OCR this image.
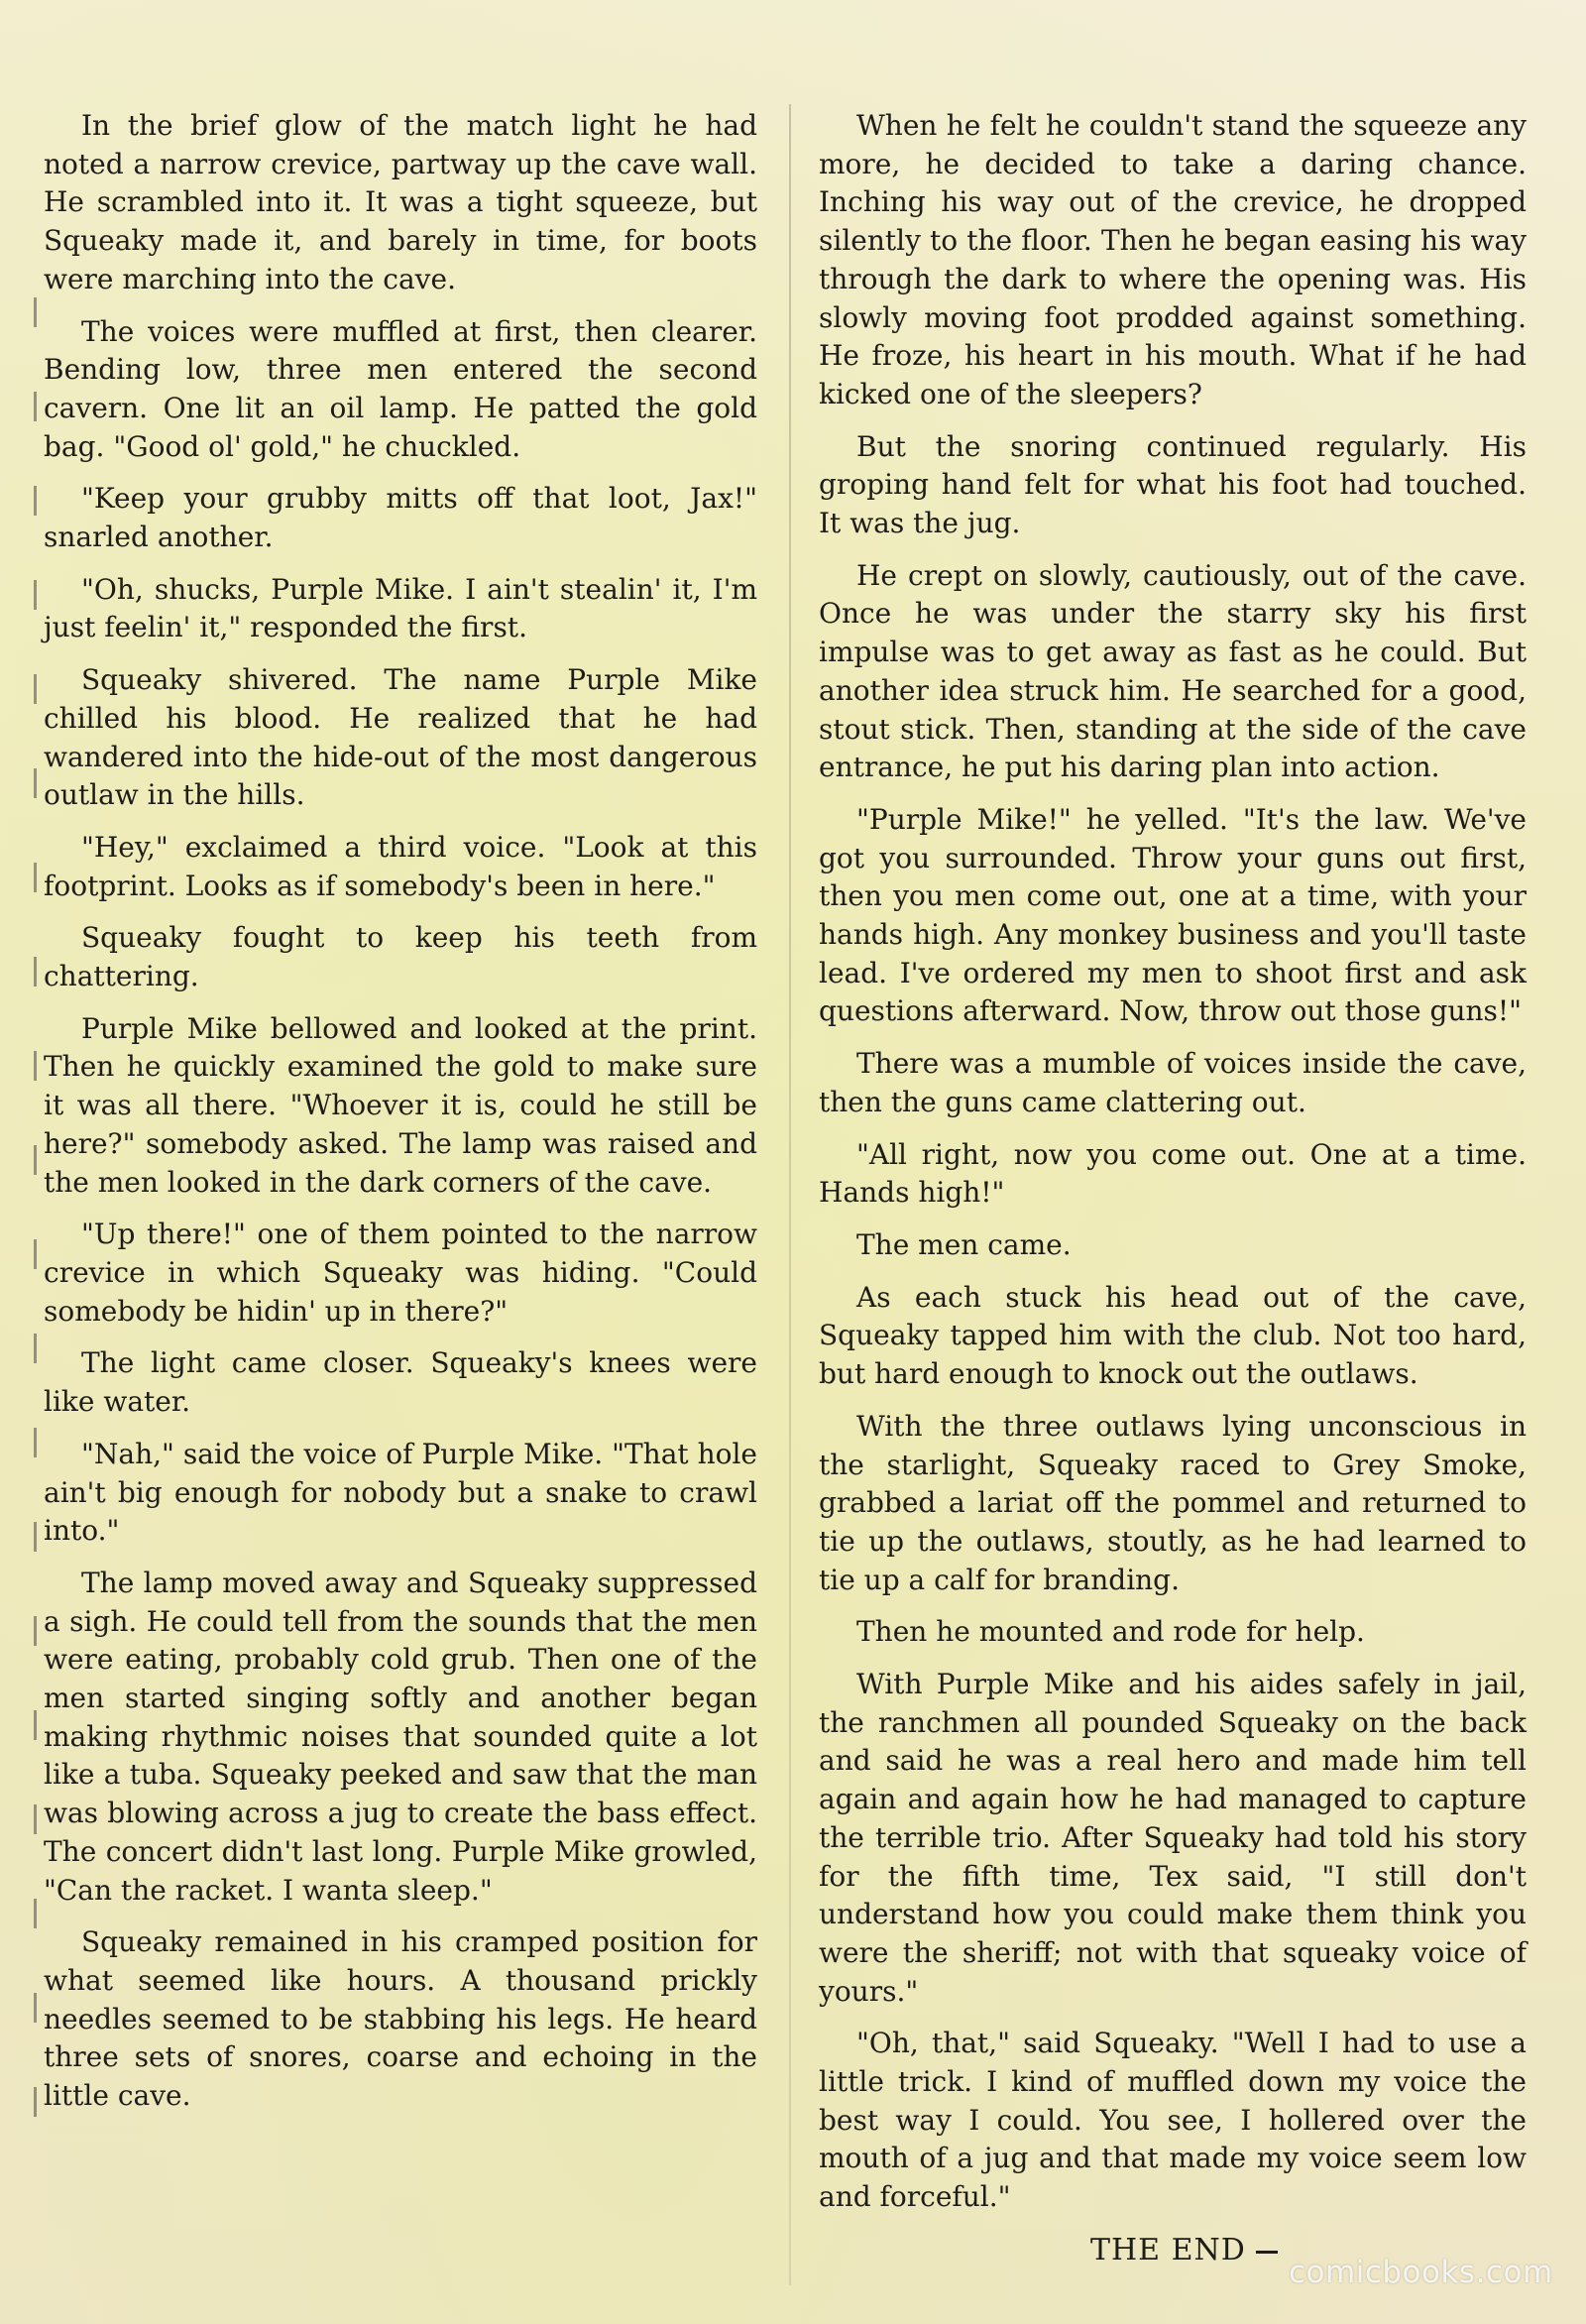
In the brief glow of the match light he had noted a narrow crevice, partway up the cave wall. He scrambled into it. It was a tight squeeze, but Squeaky made it, and barely in time, for boots were marching into the cave.

The voices were muffled at first, then clearer. Bending low, three men entered the second cavern. One lit an oil lamp. He patted the gold bag. "Good ol' gold," he chuckled.

"Keep your grubby mitts off that loot, Jax!" snarled another.

"Oh, shucks, Purple Mike. I ain't stealin' it, I'm just feelin' it," responded the first.

Squeaky shivered. The name Purple Mike chilled his blood. He realized that he had wandered into the hide-out of the most dangerous outlaw in the hills.

"Hey," exclaimed a third voice. "Look at this footprint. Looks as if somebody's been in here."

Squeaky fought to keep his teeth from chattering.

Purple Mike bellowed and looked at the print. Then he quickly examined the gold to make sure it was all there. "Whoever it is, could he still be here?" somebody asked. The lamp was raised and the men looked in the dark corners of the cave.

"Up there!" one of them pointed to the narrow crevice in which Squeaky was hiding. "Could somebody be hidin' up in there?"

The light came closer. Squeaky's knees were like water.

"Nah," said the voice of Purple Mike. "That hole ain't big enough for nobody but a snake to crawl into."

The lamp moved away and Squeaky suppressed a sigh. He could tell from the sounds that the men were eating, probably cold grub. Then one of the men started singing softly and another began making rhythmic noises that sounded quite a lot like a tuba. Squeaky peeked and saw that the man was blowing across a jug to create the bass effect. The concert didn't last long. Purple Mike growled, "Can the racket. I wanta sleep."

Squeaky remained in his cramped position for what seemed like hours. A thousand prickly needles seemed to be stabbing his legs. He heard three sets of snores, coarse and echoing in the little cave.

When he felt he couldn't stand the squeeze any more, he decided to take a daring chance. Inching his way out of the crevice, he dropped silently to the floor. Then he began easing his way through the dark to where the opening was. His slowly moving foot prodded against something. He froze, his heart in his mouth. What if he had kicked one of the sleepers?

But the snoring continued regularly. His groping hand felt for what his foot had touched. It was the jug.

He crept on slowly, cautiously, out of the cave. Once he was under the starry sky his first impulse was to get away as fast as he could. But another idea struck him. He searched for a good, stout stick. Then, standing at the side of the cave entrance, he put his daring plan into action.

"Purple Mike!" he yelled. "It's the law. We've got you surrounded. Throw your guns out first, then you men come out, one at a time, with your hands high. Any monkey business and you'll taste lead. I've ordered my men to shoot first and ask questions afterward. Now, throw out those guns!"

There was a mumble of voices inside the cave, then the guns came clattering out.

"All right, now you come out. One at a time. Hands high!"

The men came.

As each stuck his head out of the cave, Squeaky tapped him with the club. Not too hard, but hard enough to knock out the outlaws.

With the three outlaws lying unconscious in the starlight, Squeaky raced to Grey Smoke, grabbed a lariat off the pommel and returned to tie up the outlaws, stoutly, as he had learned to tie up a calf for branding.

Then he mounted and rode for help.

With Purple Mike and his aides safely in jail, the ranchmen all pounded Squeaky on the back and said he was a real hero and made him tell again and again how he had managed to capture the terrible trio. After Squeaky had told his story for the fifth time, Tex said, "I still don't understand how you could make them think you were the sheriff; not with that squeaky voice of yours."

"Oh, that," said Squeaky. "Well I had to use a little trick. I kind of muffled down my voice the best way I could. You see, I hollered over the mouth of a jug and that made my voice seem low and forceful."

THE END
comicbooks.com
